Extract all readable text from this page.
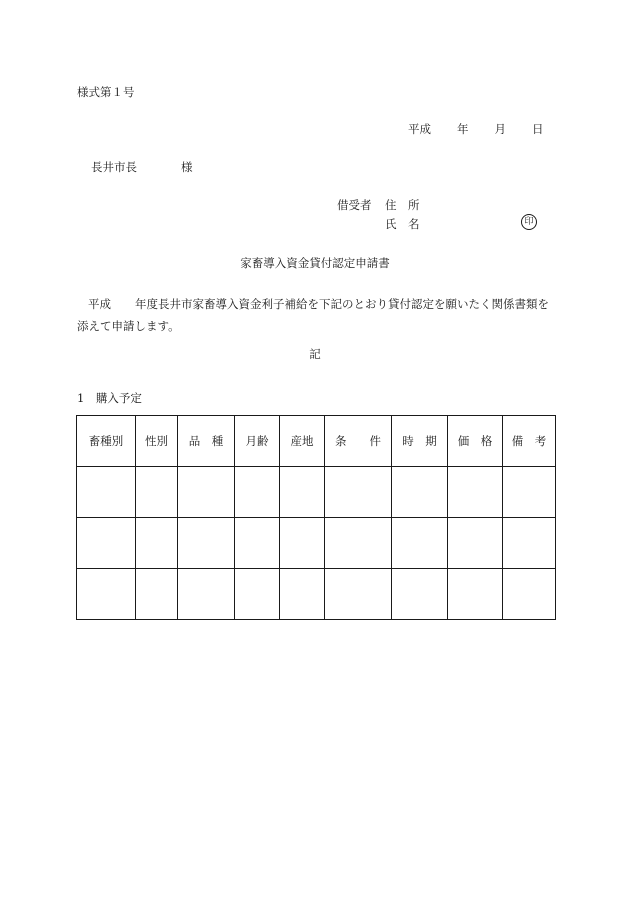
様式第１号
平成 年 月 日
長井市長	様
借受者 住　所
氏　名	印
家畜導入資金貸付認定申請書
平成 年度長井市家畜導入資金利子補給を下記のとおり貸付認定を願いたく関係書類を添えて申請します。
記
1　購入予定
畜種別	性別	品　種	月齢	産地	条　　件	時　期	価　格	備　考
